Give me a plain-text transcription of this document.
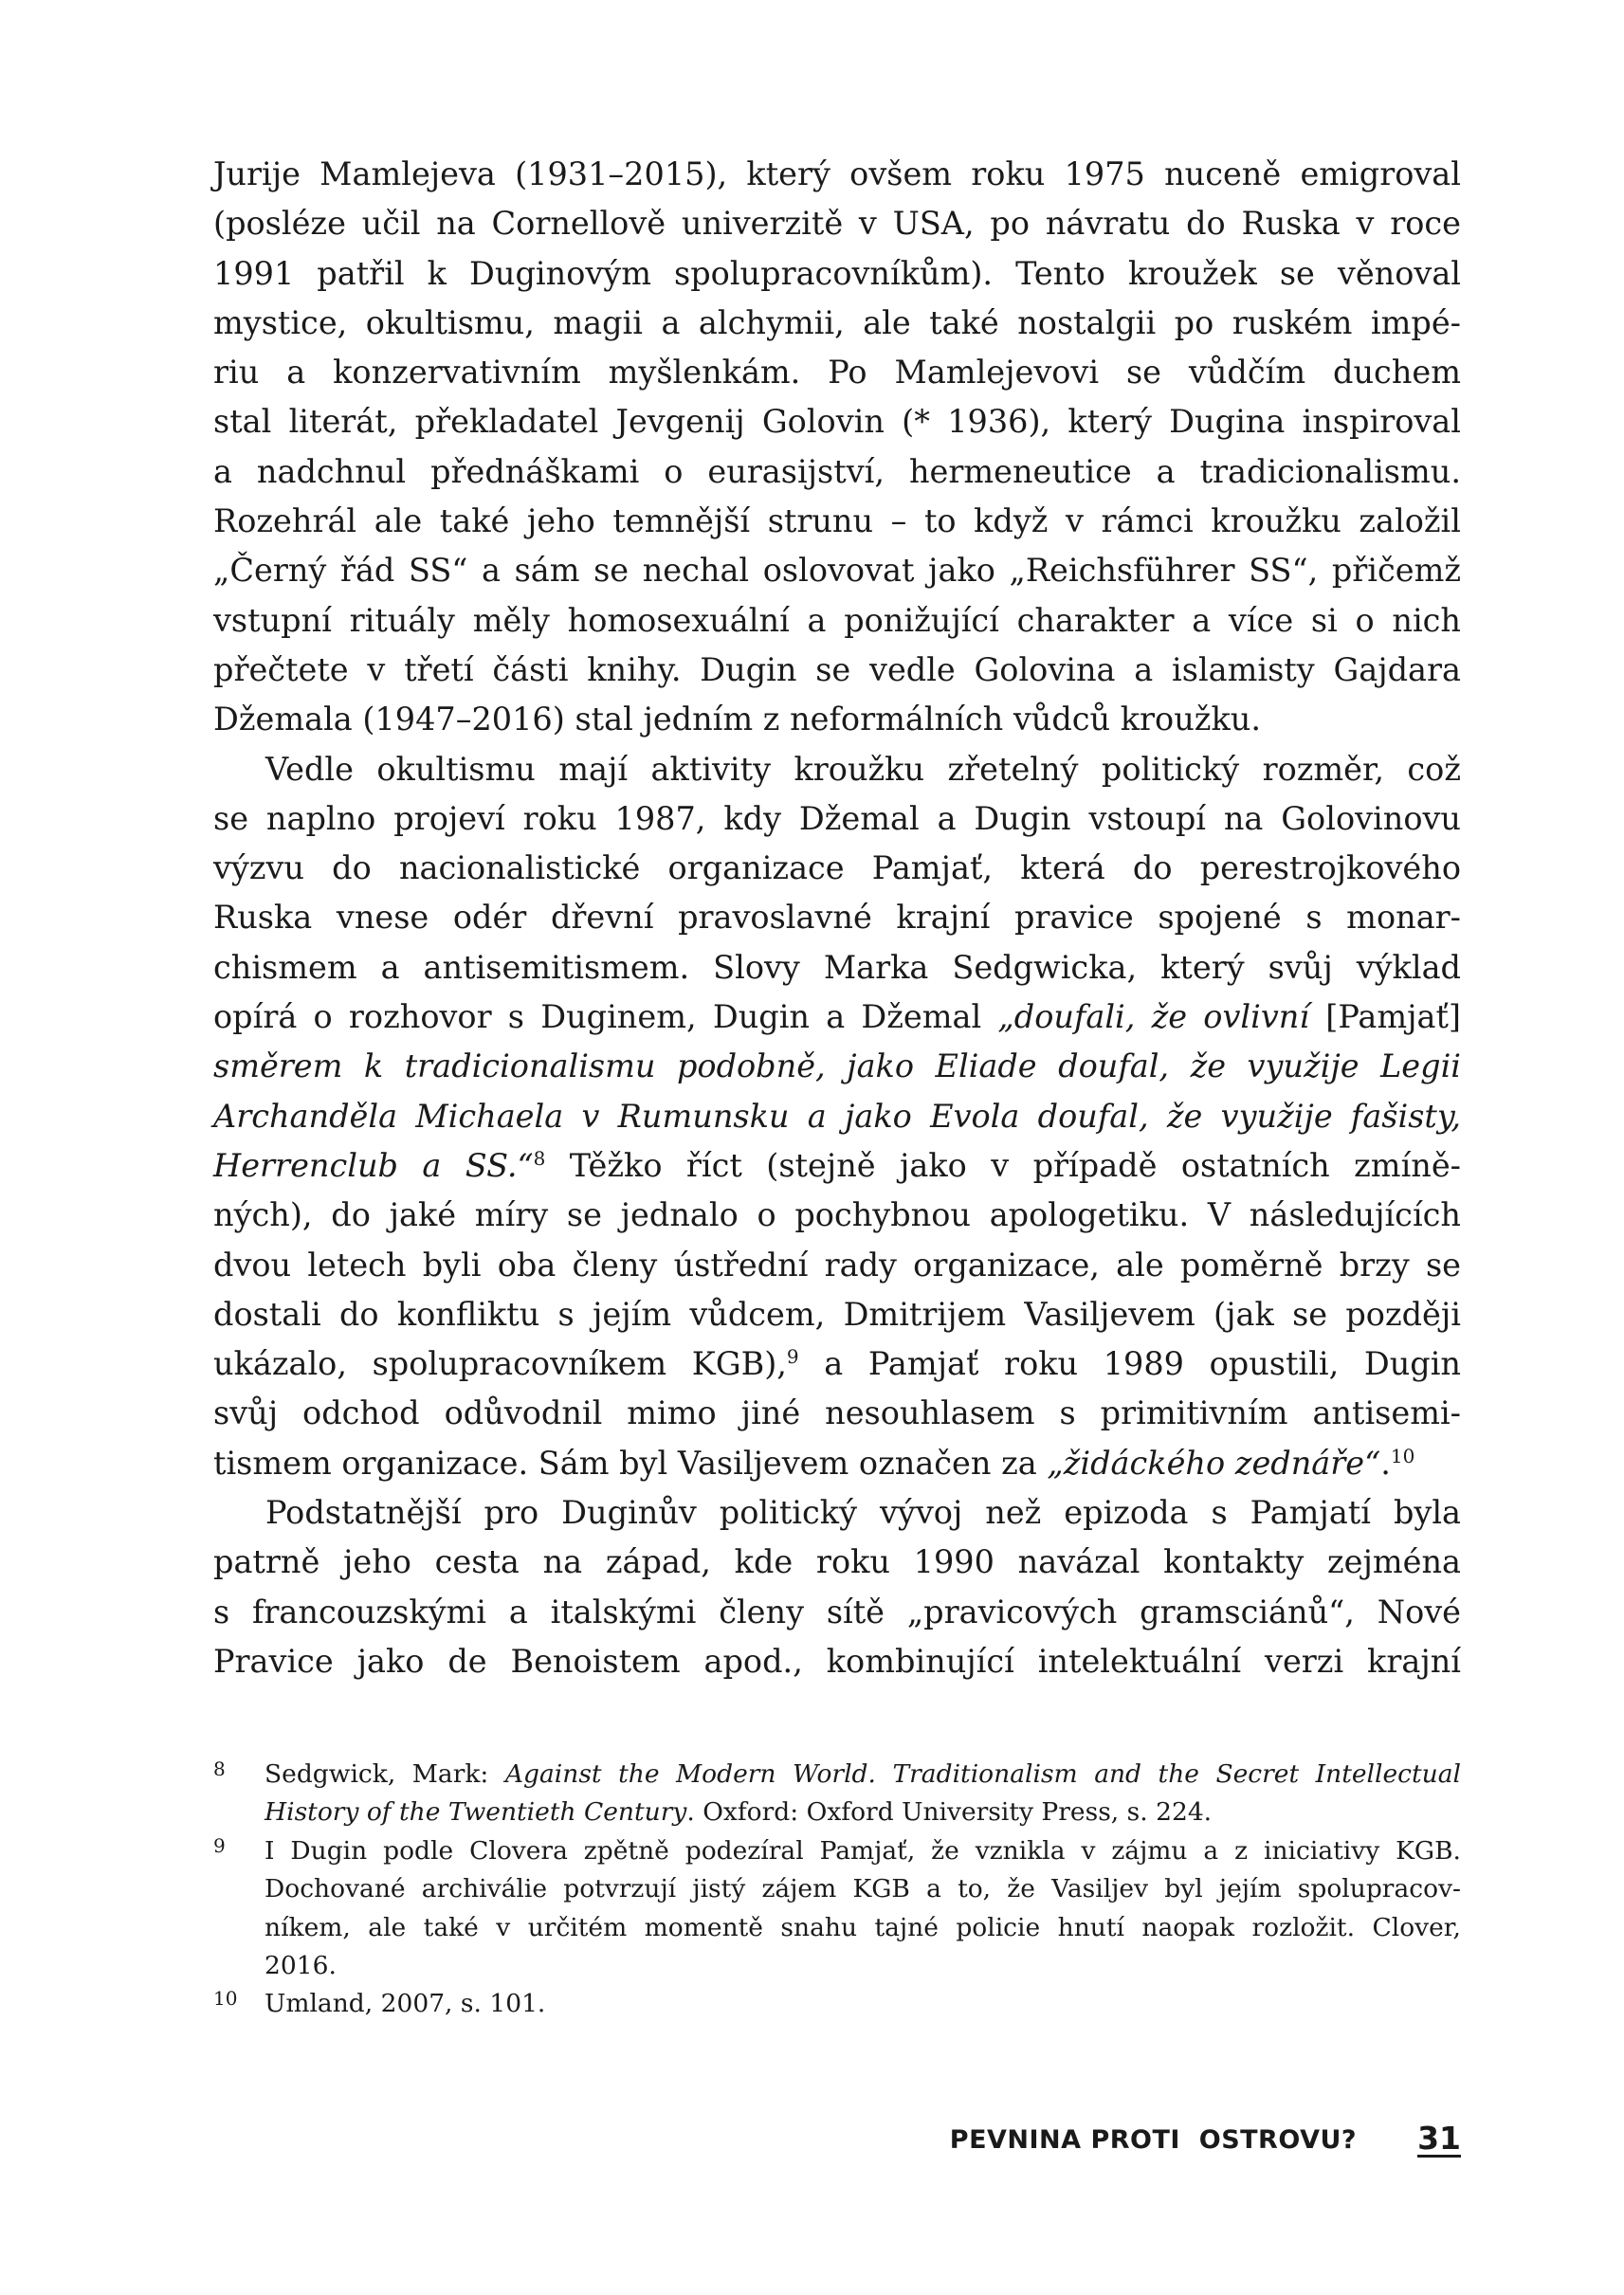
Jurije Mamlejeva (1931–2015), který ovšem roku 1975 nuceně emigroval
(posléze učil na Cornellově univerzitě v USA, po návratu do Ruska v roce
1991 patřil k Duginovým spolupracovníkům). Tento kroužek se věnoval
mystice, okultismu, magii a alchymii, ale také nostalgii po ruském impé-
riu a konzervativním myšlenkám. Po Mamlejevovi se vůdčím duchem
stal literát, překladatel Jevgenij Golovin (* 1936), který Dugina inspiroval
a nadchnul přednáškami o eurasijství, hermeneutice a tradicionalismu.
Rozehrál ale také jeho temnější strunu – to když v rámci kroužku založil
„Černý řád SS“ a sám se nechal oslovovat jako „Reichsführer SS“, přičemž
vstupní rituály měly homosexuální a ponižující charakter a více si o nich
přečtete v třetí části knihy. Dugin se vedle Golovina a islamisty Gajdara
Džemala (1947–2016) stal jedním z neformálních vůdců kroužku.
Vedle okultismu mají aktivity kroužku zřetelný politický rozměr, což
se naplno projeví roku 1987, kdy Džemal a Dugin vstoupí na Golovinovu
výzvu do nacionalistické organizace Pamjať, která do perestrojkového
Ruska vnese odér dřevní pravoslavné krajní pravice spojené s monar-
chismem a antisemitismem. Slovy Marka Sedgwicka, který svůj výklad
opírá o rozhovor s Duginem, Dugin a Džemal „doufali, že ovlivní [Pamjať]
směrem k tradicionalismu podobně, jako Eliade doufal, že využije Legii
Archanděla Michaela v Rumunsku a jako Evola doufal, že využije fašisty,
Herrenclub a SS.“$^8$ Těžko říct (stejně jako v případě ostatních zmíně-
ných), do jaké míry se jednalo o pochybnou apologetiku. V následujících
dvou letech byli oba členy ústřední rady organizace, ale poměrně brzy se
dostali do konfliktu s jejím vůdcem, Dmitrijem Vasiljevem (jak se později
ukázalo, spolupracovníkem KGB),$^9$ a Pamjať roku 1989 opustili, Dugin
svůj odchod odůvodnil mimo jiné nesouhlasem s primitivním antisemi-
tismem organizace. Sám byl Vasiljevem označen za „židáckého zednáře“.$^{10}$
Podstatnější pro Duginův politický vývoj než epizoda s Pamjatí byla
patrně jeho cesta na západ, kde roku 1990 navázal kontakty zejména
s francouzskými a italskými členy sítě „pravicových gramsciánů“, Nové
Pravice jako de Benoistem apod., kombinující intelektuální verzi krajní
8 Sedgwick, Mark: Against the Modern World. Traditionalism and the Secret Intellectual
History of the Twentieth Century. Oxford: Oxford University Press, s. 224.
9 I Dugin podle Clovera zpětně podezíral Pamjať, že vznikla v zájmu a z iniciativy KGB.
Dochované archiválie potvrzují jistý zájem KGB a to, že Vasiljev byl jejím spolupracov-
níkem, ale také v určitém momentě snahu tajné policie hnutí naopak rozložit. Clover,
2016.
10 Umland, 2007, s. 101.
PEVNINA PROTI  OSTROVU? 31
